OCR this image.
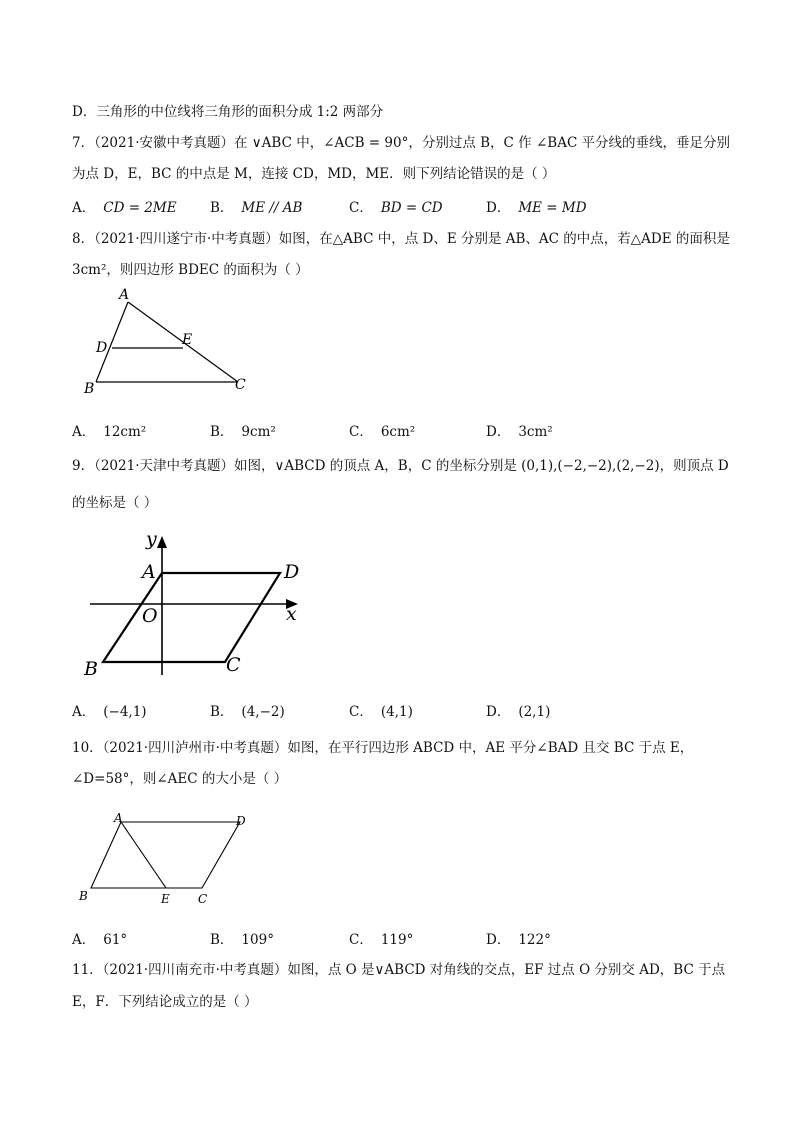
D．三角形的中位线将三角形的面积分成 1:2 两部分
7．（2021·安徽中考真题）在 ∨ABC 中，∠ACB = 90°，分别过点 B，C 作 ∠BAC 平分线的垂线，垂足分别
为点 D，E，BC 的中点是 M，连接 CD，MD，ME．则下列结论错误的是（ ）
A． CD = 2ME B． ME // AB	C． BD = CD	D． ME = MD
8．（2021·四川遂宁市·中考真题）如图，在△ABC 中，点 D、E 分别是 AB、AC 的中点，若△ADE 的面积是
3cm²，则四边形 BDEC 的面积为（ ）
A
D	E
B	C
A． 12cm²	B． 9cm²	C． 6cm²	D． 3cm²
9．（2021·天津中考真题）如图，∨ABCD 的顶点 A，B，C 的坐标分别是 (0,1),(−2,−2),(2,−2)，则顶点 D
的坐标是（ ）
y
A	D
O	x
B	C
A． (−4,1)	B． (4,−2)	C． (4,1)	D． (2,1)
10．（2021·四川泸州市·中考真题）如图，在平行四边形 ABCD 中，AE 平分∠BAD 且交 BC 于点 E，
∠D=58°，则∠AEC 的大小是（ ）
A	D
B	E C
A． 61°	B． 109°	C． 119°	D． 122°
11．（2021·四川南充市·中考真题）如图，点 O 是∨ABCD 对角线的交点，EF 过点 O 分别交 AD，BC 于点
E，F．下列结论成立的是（ ）
